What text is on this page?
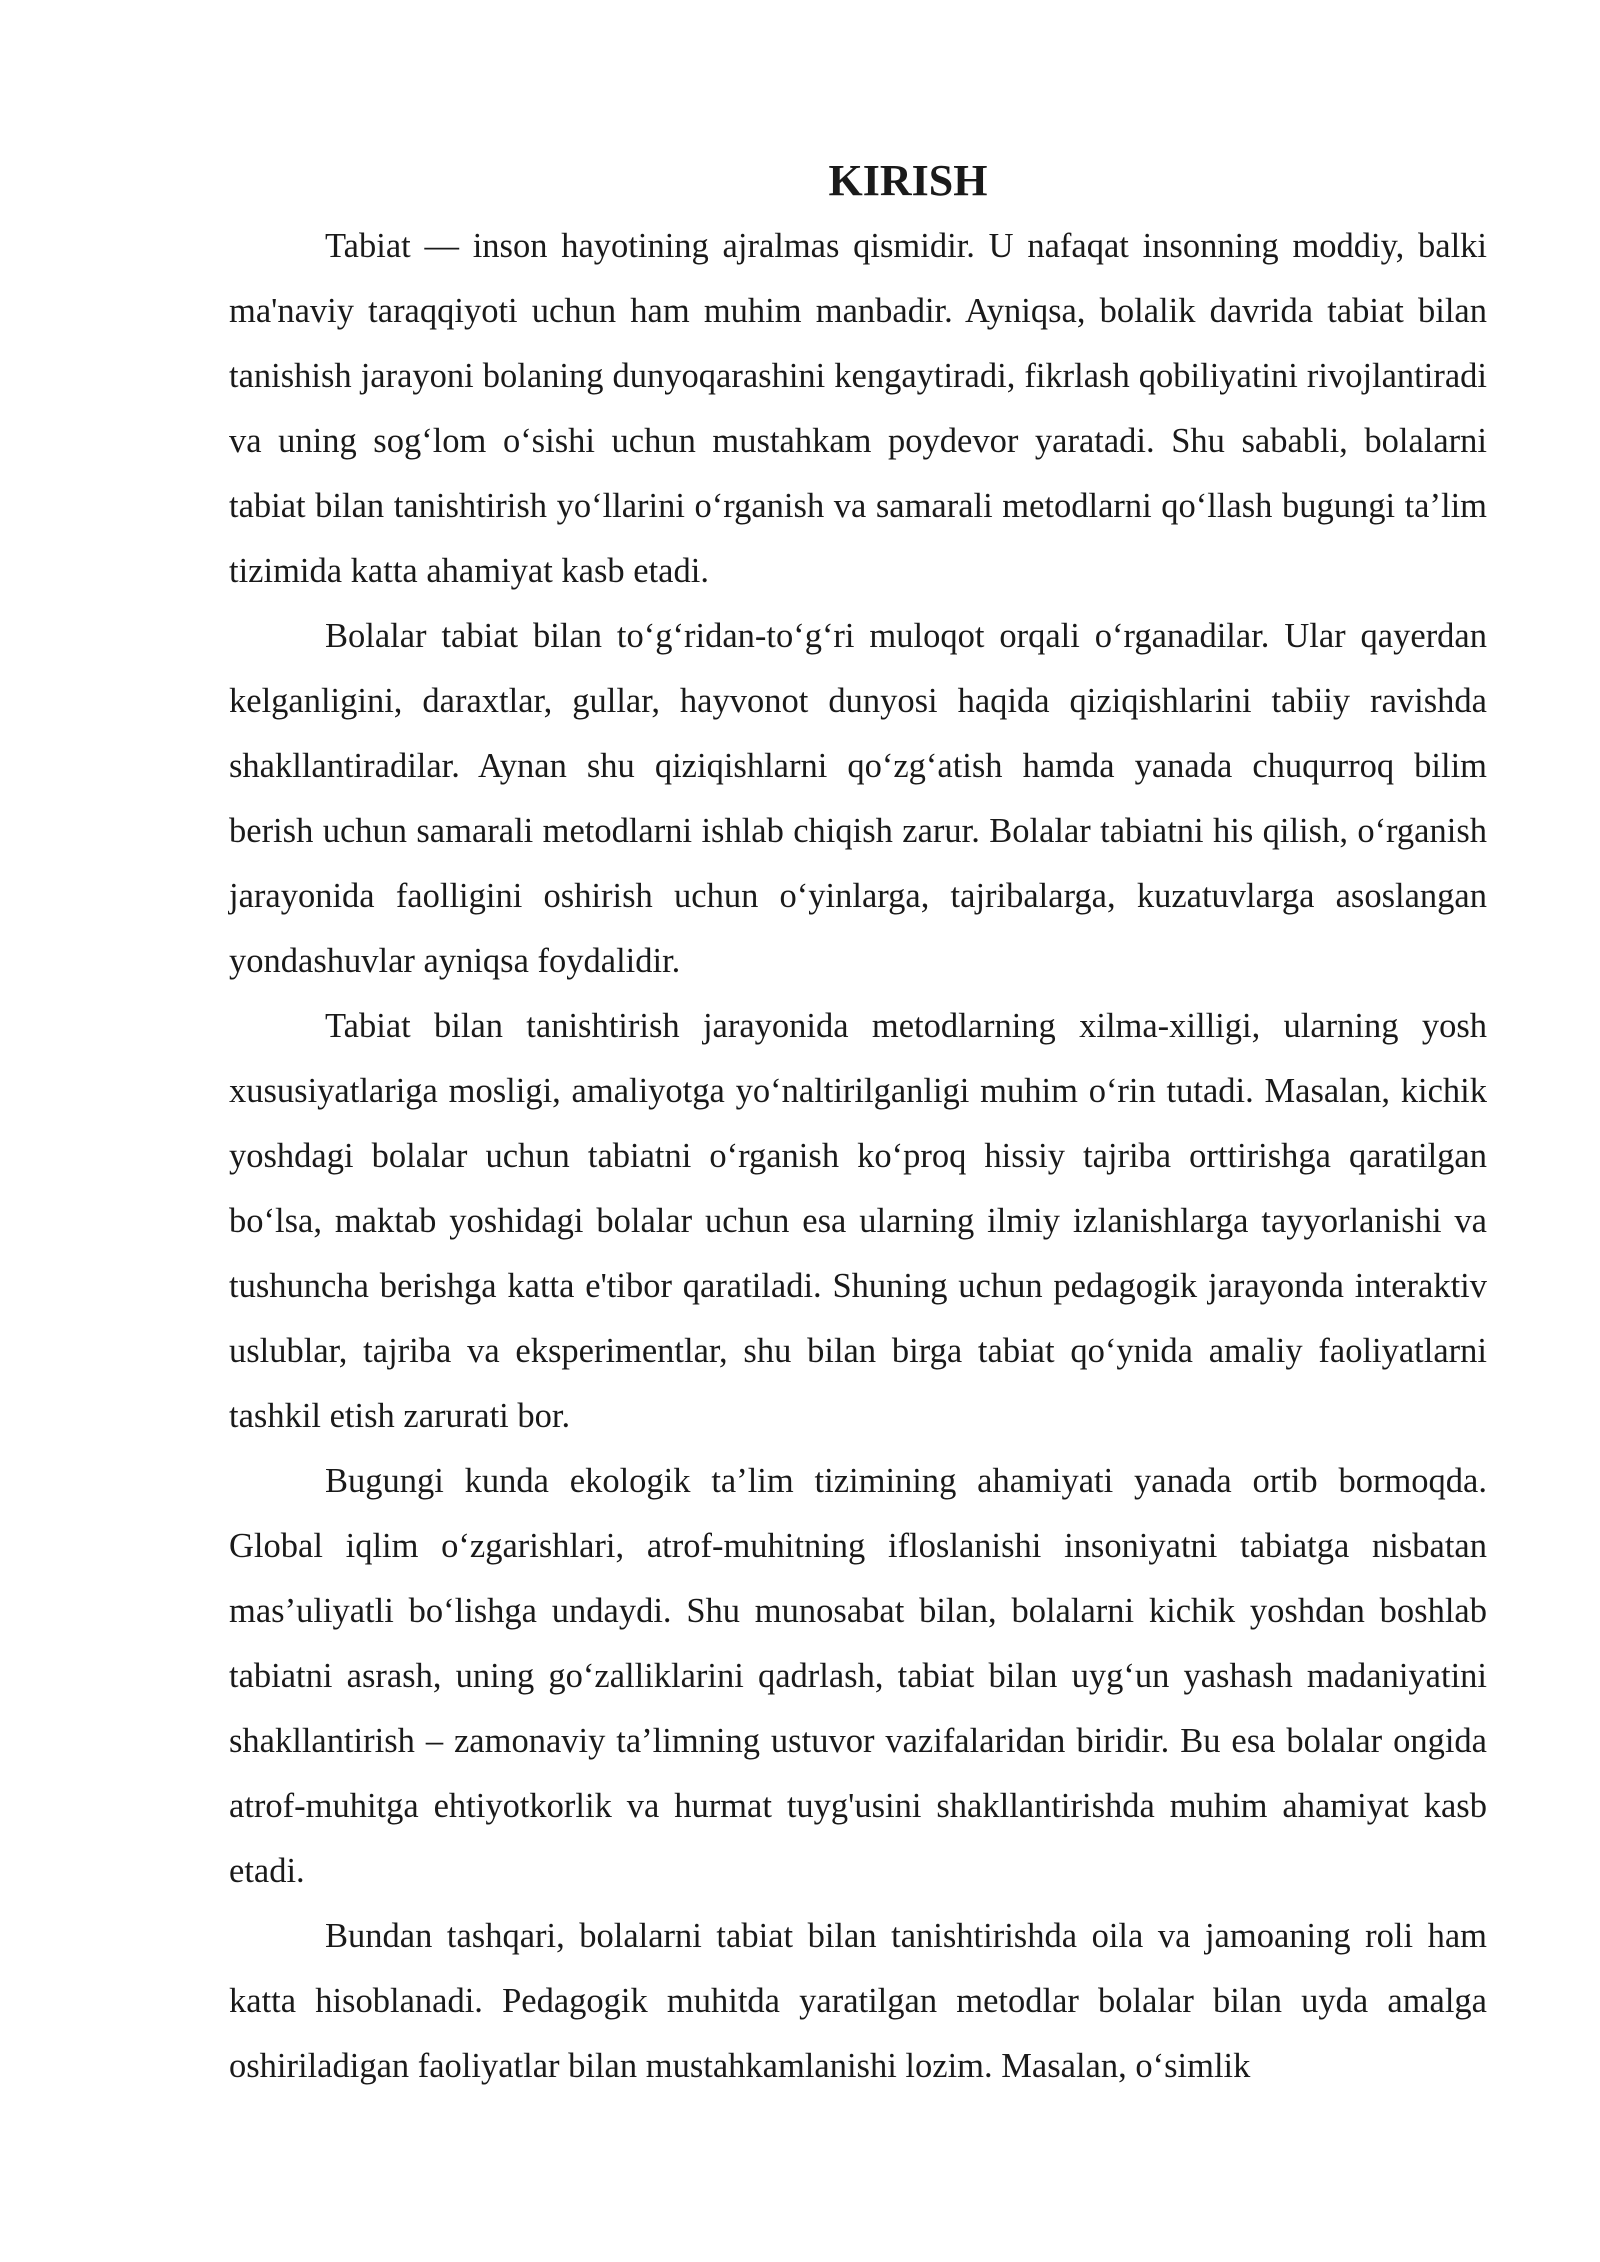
KIRISH

Tabiat — inson hayotining ajralmas qismidir. U nafaqat insonning moddiy, balki ma'naviy taraqqiyoti uchun ham muhim manbadir. Ayniqsa, bolalik davrida tabiat bilan tanishish jarayoni bolaning dunyoqarashini kengaytiradi, fikrlash qobiliyatini rivojlantiradi va uning sog‘lom o‘sishi uchun mustahkam poydevor yaratadi. Shu sababli, bolalarni tabiat bilan tanishtirish yo‘llarini o‘rganish va samarali metodlarni qo‘llash bugungi ta’lim tizimida katta ahamiyat kasb etadi.

Bolalar tabiat bilan to‘g‘ridan-to‘g‘ri muloqot orqali o‘rganadilar. Ular qayerdan kelganligini, daraxtlar, gullar, hayvonot dunyosi haqida qiziqishlarini tabiiy ravishda shakllantiradilar. Aynan shu qiziqishlarni qo‘zg‘atish hamda yanada chuqurroq bilim berish uchun samarali metodlarni ishlab chiqish zarur. Bolalar tabiatni his qilish, o‘rganish jarayonida faolligini oshirish uchun o‘yinlarga, tajribalarga, kuzatuvlarga asoslangan yondashuvlar ayniqsa foydalidir.

Tabiat bilan tanishtirish jarayonida metodlarning xilma-xilligi, ularning yosh xususiyatlariga mosligi, amaliyotga yo‘naltirilganligi muhim o‘rin tutadi. Masalan, kichik yoshdagi bolalar uchun tabiatni o‘rganish ko‘proq hissiy tajriba orttirishga qaratilgan bo‘lsa, maktab yoshidagi bolalar uchun esa ularning ilmiy izlanishlarga tayyorlanishi va tushuncha berishga katta e'tibor qaratiladi. Shuning uchun pedagogik jarayonda interaktiv uslublar, tajriba va eksperimentlar, shu bilan birga tabiat qo‘ynida amaliy faoliyatlarni tashkil etish zarurati bor.

Bugungi kunda ekologik ta’lim tizimining ahamiyati yanada ortib bormoqda. Global iqlim o‘zgarishlari, atrof-muhitning ifloslanishi insoniyatni tabiatga nisbatan mas’uliyatli bo‘lishga undaydi. Shu munosabat bilan, bolalarni kichik yoshdan boshlab tabiatni asrash, uning go‘zalliklarini qadrlash, tabiat bilan uyg‘un yashash madaniyatini shakllantirish – zamonaviy ta’limning ustuvor vazifalaridan biridir. Bu esa bolalar ongida atrof-muhitga ehtiyotkorlik va hurmat tuyg'usini shakllantirishda muhim ahamiyat kasb etadi.

Bundan tashqari, bolalarni tabiat bilan tanishtirishda oila va jamoaning roli ham katta hisoblanadi. Pedagogik muhitda yaratilgan metodlar bolalar bilan uyda amalga oshiriladigan faoliyatlar bilan mustahkamlanishi lozim. Masalan, o‘simlik
